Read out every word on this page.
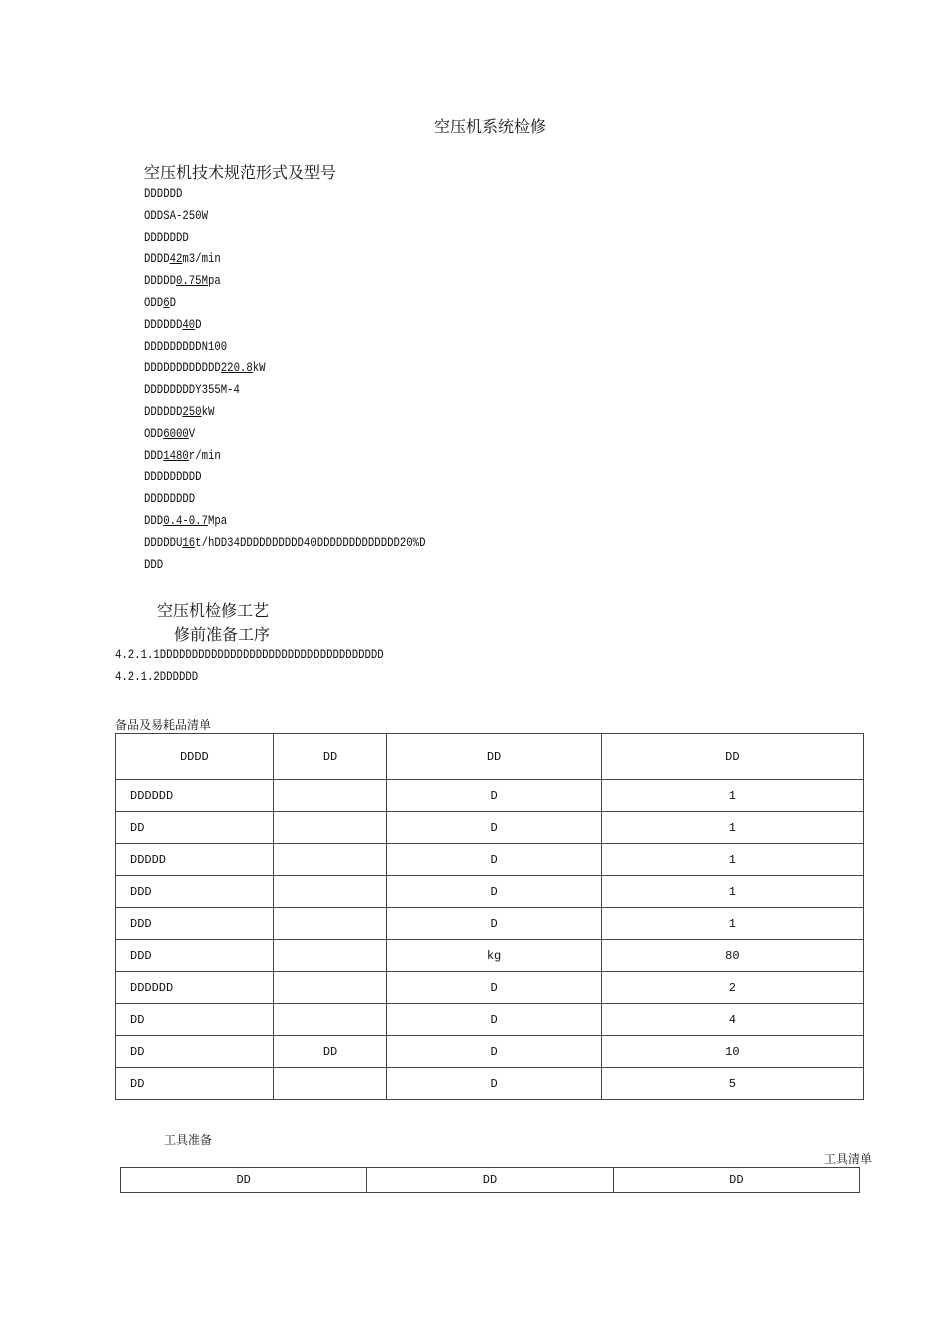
空压机系统检修
空压机技术规范形式及型号
DDDDDD
ODDSA-250W
DDDDDDD
DDDD42m3/min
DDDDD0.75Mpa
ODD6D
DDDDDD40D
DDDDDDDDDN100
DDDDDDDDDDDD220.8kW
DDDDDDDDY355M-4
DDDDDD250kW
ODD6000V
DDD1480r/min
DDDDDDDDD
DDDDDDDD
DDD0.4-0.7Mpa
DDDDDU16t/hDD34DDDDDDDDDD40DDDDDDDDDDDDD20%D
DDD
空压机检修工艺
修前准备工序
4.2.1.1DDDDDDDDDDDDDDDDDDDDDDDDDDDDDDDDDDD
4.2.1.2DDDDDD
备品及易耗品清单
DDDD	DD	DD	DD
DDDDDD		D	1
DD		D	1
DDDDD		D	1
DDD		D	1
DDD		D	1
DDD		kg	80
DDDDDD		D	2
DD		D	4
DD	DD	D	10
DD		D	5
工具准备
工具清单
DD	DD	DD
